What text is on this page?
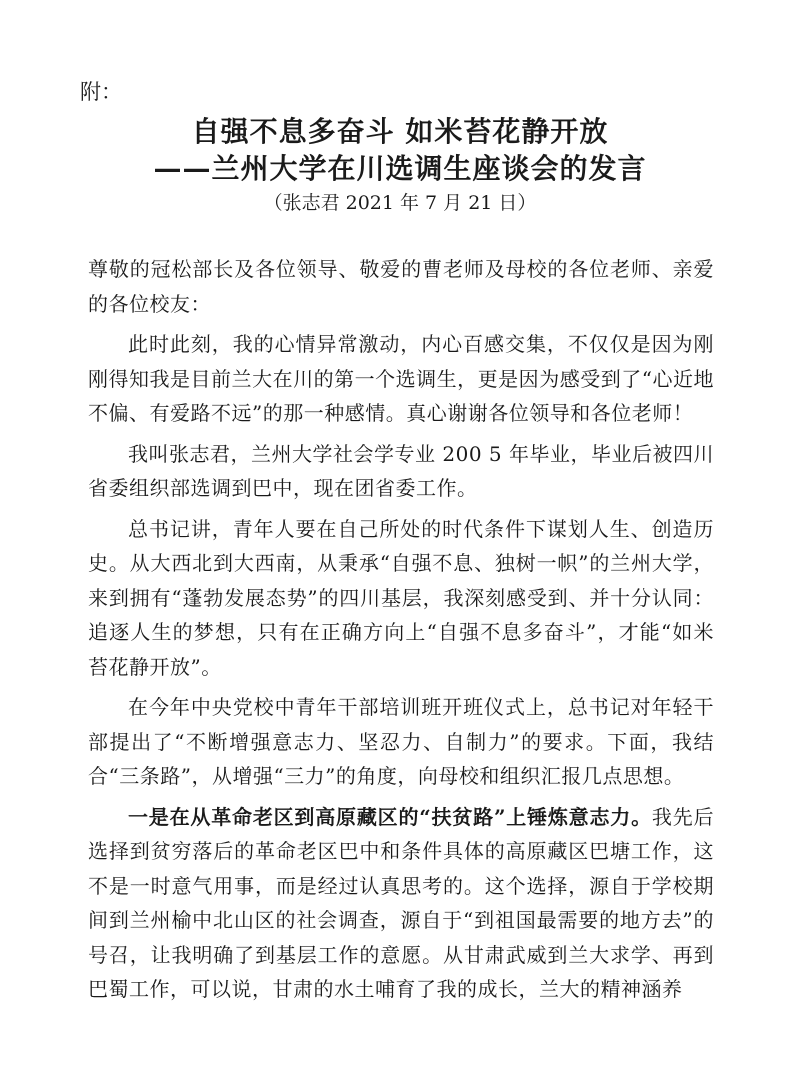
附：
自强不息多奋斗 如米苔花静开放
——兰州大学在川选调生座谈会的发言
（张志君 2021 年 7 月 21 日）

尊敬的冠松部长及各位领导、敬爱的曹老师及母校的各位老师、亲爱的各位校友：

此时此刻，我的心情异常激动，内心百感交集，不仅仅是因为刚刚得知我是目前兰大在川的第一个选调生，更是因为感受到了“心近地不偏、有爱路不远”的那一种感情。真心谢谢各位领导和各位老师！

我叫张志君，兰州大学社会学专业 200 5 年毕业，毕业后被四川省委组织部选调到巴中，现在团省委工作。

总书记讲，青年人要在自己所处的时代条件下谋划人生、创造历史。从大西北到大西南，从秉承“自强不息、独树一帜”的兰州大学，来到拥有“蓬勃发展态势”的四川基层，我深刻感受到、并十分认同：追逐人生的梦想，只有在正确方向上“自强不息多奋斗”，才能“如米苔花静开放”。

在今年中央党校中青年干部培训班开班仪式上，总书记对年轻干部提出了“不断增强意志力、坚忍力、自制力”的要求。下面，我结合“三条路”，从增强“三力”的角度，向母校和组织汇报几点思想。

一是在从革命老区到高原藏区的“扶贫路”上锤炼意志力。我先后选择到贫穷落后的革命老区巴中和条件具体的高原藏区巴塘工作，这不是一时意气用事，而是经过认真思考的。这个选择，源自于学校期间到兰州榆中北山区的社会调查，源自于“到祖国最需要的地方去”的号召，让我明确了到基层工作的意愿。从甘肃武威到兰大求学、再到巴蜀工作，可以说，甘肃的水土哺育了我的成长，兰大的精神涵养
